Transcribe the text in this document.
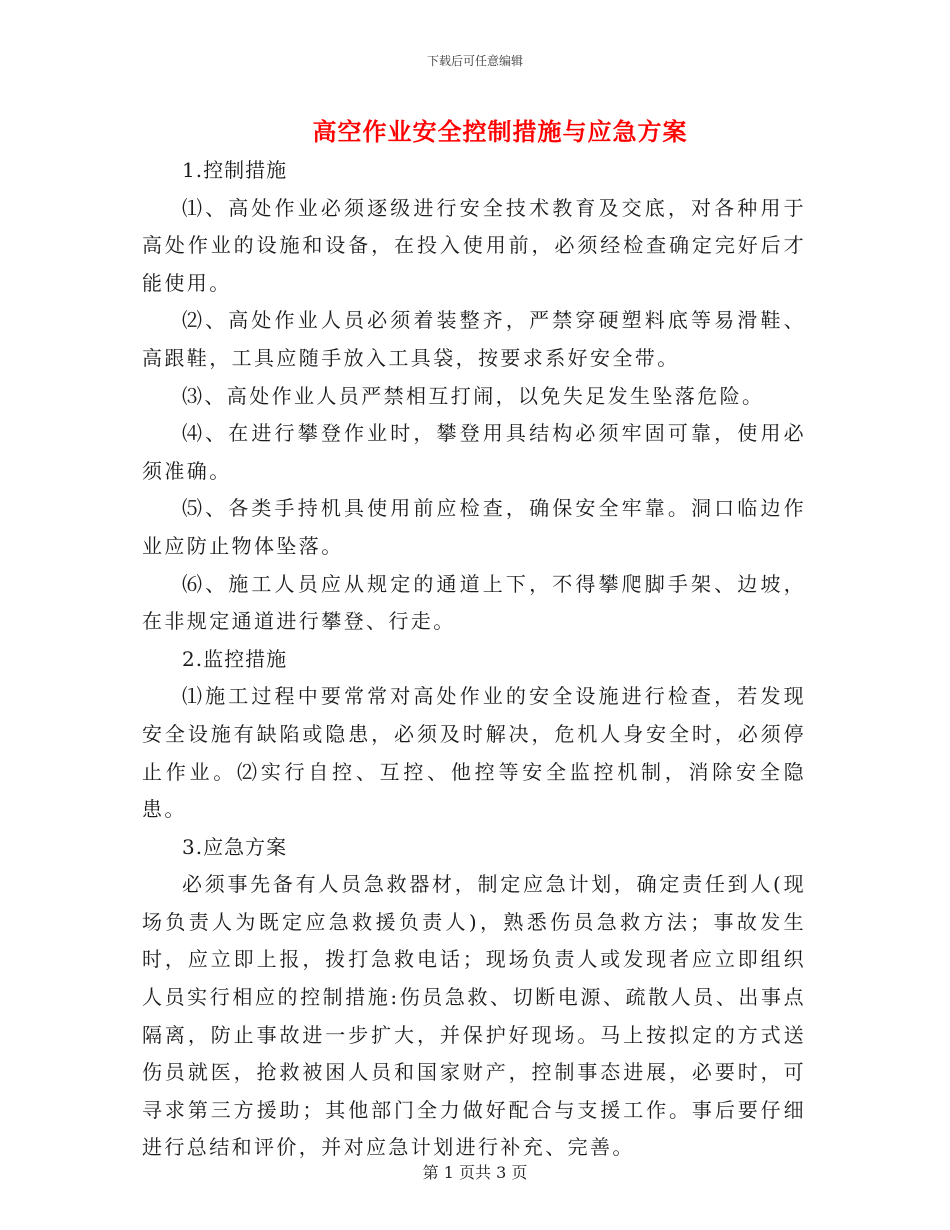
下载后可任意编辑
高空作业安全控制措施与应急方案

1.控制措施

⑴、高处作业必须逐级进行安全技术教育及交底，对各种用于高处作业的设施和设备，在投入使用前，必须经检查确定完好后才能使用。

⑵、高处作业人员必须着装整齐，严禁穿硬塑料底等易滑鞋、高跟鞋，工具应随手放入工具袋，按要求系好安全带。

⑶、高处作业人员严禁相互打闹，以免失足发生坠落危险。

⑷、在进行攀登作业时，攀登用具结构必须牢固可靠，使用必须准确。

⑸、各类手持机具使用前应检查，确保安全牢靠。洞口临边作业应防止物体坠落。

⑹、施工人员应从规定的通道上下，不得攀爬脚手架、边坡，在非规定通道进行攀登、行走。

2.监控措施

⑴施工过程中要常常对高处作业的安全设施进行检查，若发现安全设施有缺陷或隐患，必须及时解决，危机人身安全时，必须停止作业。⑵实行自控、互控、他控等安全监控机制，消除安全隐患。

3.应急方案

必须事先备有人员急救器材，制定应急计划，确定责任到人(现场负责人为既定应急救援负责人)，熟悉伤员急救方法；事故发生时，应立即上报，拨打急救电话；现场负责人或发现者应立即组织人员实行相应的控制措施:伤员急救、切断电源、疏散人员、出事点隔离，防止事故进一步扩大，并保护好现场。马上按拟定的方式送伤员就医，抢救被困人员和国家财产，控制事态进展，必要时，可寻求第三方援助；其他部门全力做好配合与支援工作。事后要仔细进行总结和评价，并对应急计划进行补充、完善。

第 1 页共 3 页
